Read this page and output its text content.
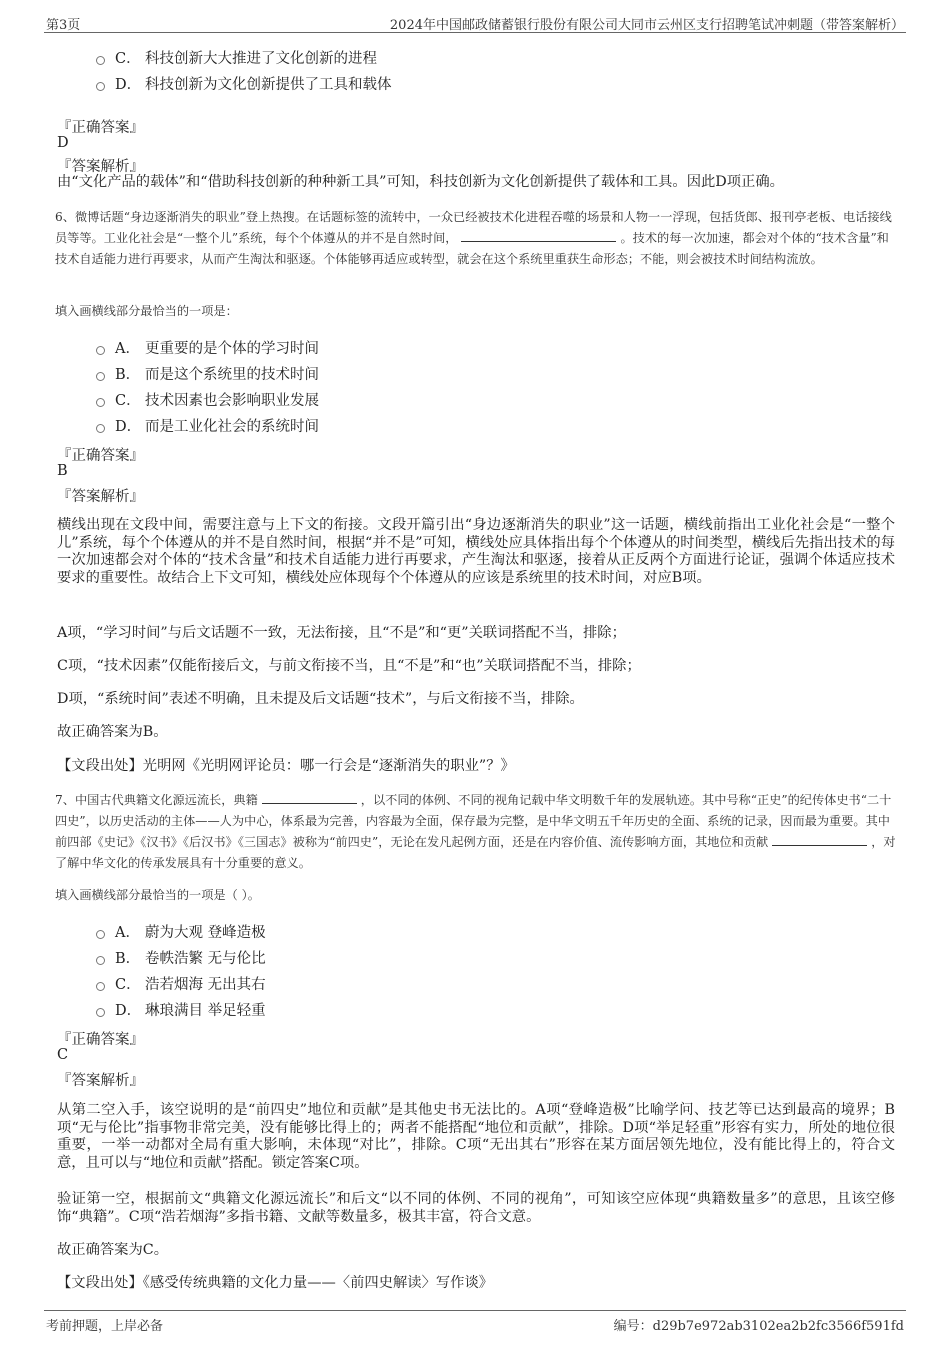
第3页	2024年中国邮政储蓄银行股份有限公司大同市云州区支行招聘笔试冲刺题（带答案解析）
C． 科技创新大大推进了文化创新的进程
D． 科技创新为文化创新提供了工具和载体
『正确答案』
D
『答案解析』
由“文化产品的载体”和“借助科技创新的种种新工具”可知，科技创新为文化创新提供了载体和工具。因此D项正确。
6、微博话题“身边逐渐消失的职业”登上热搜。在话题标签的流转中，一众已经被技术化进程吞噬的场景和人物一一浮现，包括货郎、报刊亭老板、电话接线员等等。工业化社会是“一整个儿”系统，每个个体遵从的并不是自然时间，	。技术的每一次加速，都会对个体的“技术含量”和技术自适能力进行再要求，从而产生淘汰和驱逐。个体能够再适应或转型，就会在这个系统里重获生命形态；不能，则会被技术时间结构流放。
填入画横线部分最恰当的一项是：
A． 更重要的是个体的学习时间
B． 而是这个系统里的技术时间
C． 技术因素也会影响职业发展
D． 而是工业化社会的系统时间
『正确答案』
B
『答案解析』
横线出现在文段中间，需要注意与上下文的衔接。文段开篇引出“身边逐渐消失的职业”这一话题，横线前指出工业化社会是“一整个儿”系统，每个个体遵从的并不是自然时间，根据“并不是”可知，横线处应具体指出每个个体遵从的时间类型，横线后先指出技术的每一次加速都会对个体的“技术含量”和技术自适能力进行再要求，产生淘汰和驱逐，接着从正反两个方面进行论证，强调个体适应技术要求的重要性。故结合上下文可知，横线处应体现每个个体遵从的应该是系统里的技术时间，对应B项。
A项，“学习时间”与后文话题不一致，无法衔接，且“不是”和“更”关联词搭配不当，排除；
C项，“技术因素”仅能衔接后文，与前文衔接不当，且“不是”和“也”关联词搭配不当，排除；
D项，“系统时间”表述不明确，且未提及后文话题“技术”，与后文衔接不当，排除。
故正确答案为B。
【文段出处】光明网《光明网评论员：哪一行会是“逐渐消失的职业”？》
7、中国古代典籍文化源远流长，典籍	，以不同的体例、不同的视角记载中华文明数千年的发展轨迹。其中号称“正史”的纪传体史书“二十四史”，以历史活动的主体——人为中心，体系最为完善，内容最为全面，保存最为完整，是中华文明五千年历史的全面、系统的记录，因而最为重要。其中前四部《史记》《汉书》《后汉书》《三国志》被称为“前四史”，无论在发凡起例方面，还是在内容价值、流传影响方面，其地位和贡献	，对了解中华文化的传承发展具有十分重要的意义。
填入画横线部分最恰当的一项是（ ）。
A． 蔚为大观 登峰造极
B． 卷帙浩繁 无与伦比
C． 浩若烟海 无出其右
D． 琳琅满目 举足轻重
『正确答案』
C
『答案解析』
从第二空入手，该空说明的是“前四史”地位和贡献”是其他史书无法比的。A项“登峰造极”比喻学问、技艺等已达到最高的境界；B项“无与伦比”指事物非常完美，没有能够比得上的；两者不能搭配“地位和贡献”，排除。D项“举足轻重”形容有实力，所处的地位很重要，一举一动都对全局有重大影响，未体现“对比”，排除。C项“无出其右”形容在某方面居领先地位，没有能比得上的，符合文意，且可以与“地位和贡献”搭配。锁定答案C项。
验证第一空，根据前文“典籍文化源远流长”和后文“以不同的体例、不同的视角”，可知该空应体现“典籍数量多”的意思，且该空修饰“典籍”。C项“浩若烟海”多指书籍、文献等数量多，极其丰富，符合文意。
故正确答案为C。
【文段出处】《感受传统典籍的文化力量——〈前四史解读〉写作谈》
考前押题，上岸必备	编号：d29b7e972ab3102ea2b2fc3566f591fd
